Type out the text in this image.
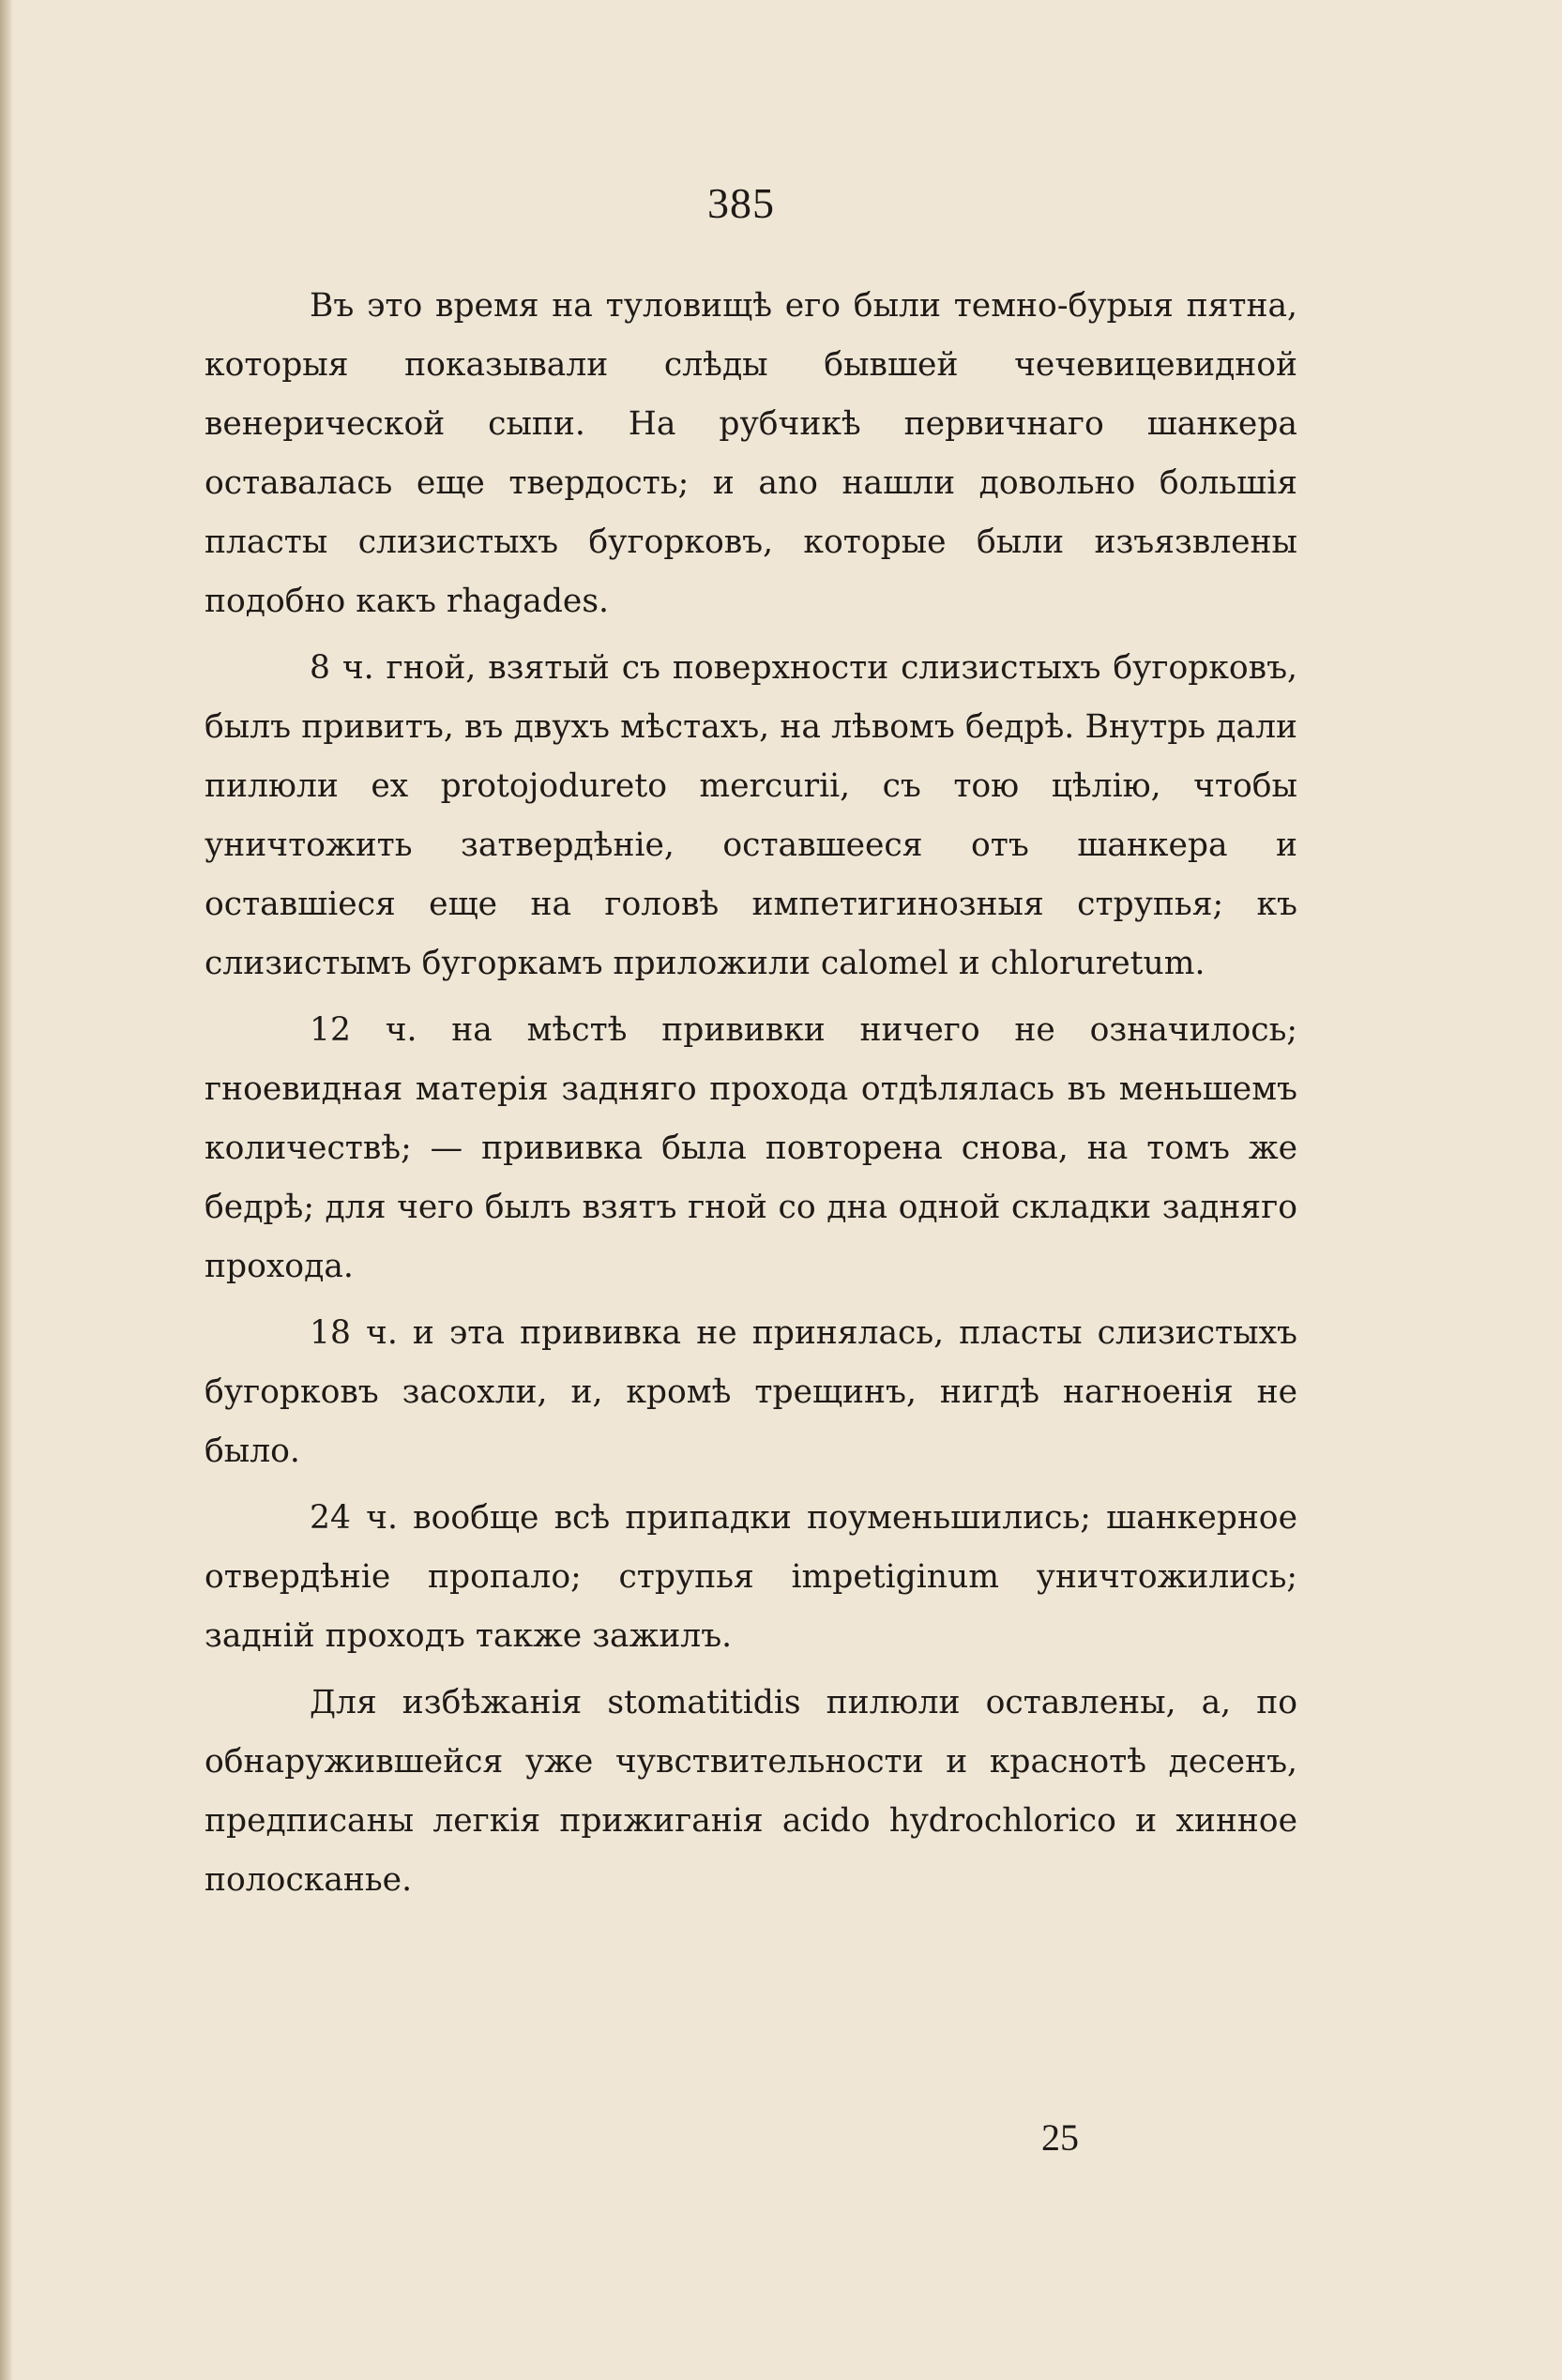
385

Въ это время на туловищѣ его были темно-бурыя пятна, которыя показывали слѣды бывшей чечевицевидной венерической сыпи. На рубчикѣ первичнаго шанкера оставалась еще твердость; и ano нашли довольно большія пласты слизистыхъ бугорковъ, которые были изъязвлены подобно какъ rhagades.

8 ч. гной, взятый съ поверхности слизистыхъ бугорковъ, былъ привитъ, въ двухъ мѣстахъ, на лѣвомъ бедрѣ. Внутрь дали пилюли ex protojodureto mercurii, съ тою цѣлію, чтобы уничтожить затвердѣніе, оставшееся отъ шанкера и оставшіеся еще на головѣ импетигинозныя струпья; къ слизистымъ бугоркамъ приложили calomel и chloruretum.

12 ч. на мѣстѣ прививки ничего не означилось; гноевидная матерія задняго прохода отдѣлялась въ меньшемъ количествѣ; — прививка была повторена снова, на томъ же бедрѣ; для чего былъ взятъ гной со дна одной складки задняго прохода.

18 ч. и эта прививка не принялась, пласты слизистыхъ бугорковъ засохли, и, кромѣ трещинъ, нигдѣ нагноенія не было.

24 ч. вообще всѣ припадки поуменьшились; шанкерное отвердѣніе пропало; струпья impetiginum уничтожились; задній проходъ также зажилъ.

Для избѣжанія stomatitidis пилюли оставлены, а, по обнаружившейся уже чувствительности и краснотѣ десенъ, предписаны легкія прижиганія acido hydrochlorico и хинное полосканье.

25
